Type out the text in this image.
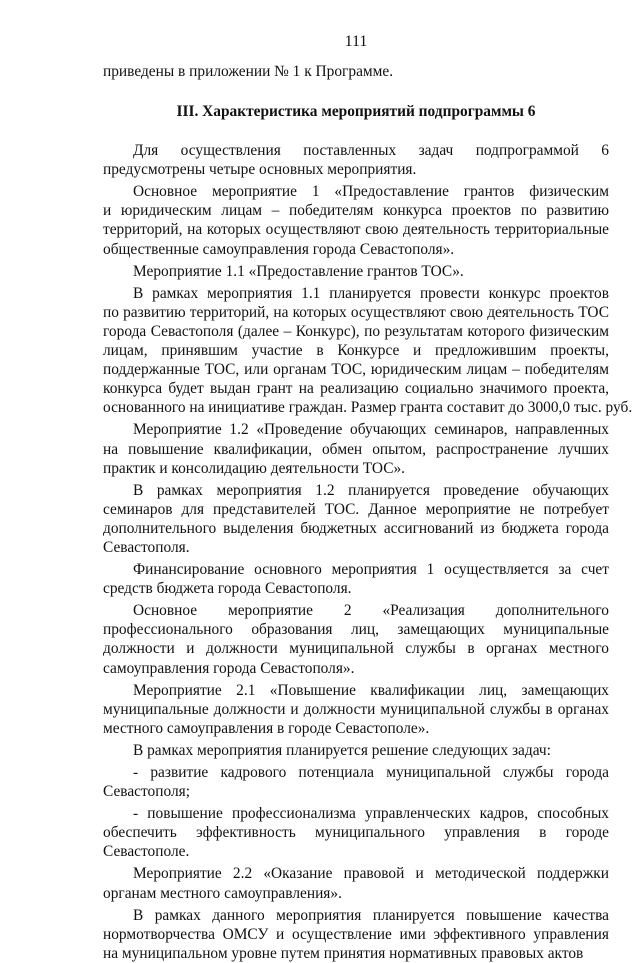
111
приведены в приложении № 1 к Программе.
III. Характеристика мероприятий подпрограммы 6
Для осуществления поставленных задач подпрограммой 6
предусмотрены четыре основных мероприятия.
Основное мероприятие 1 «Предоставление грантов физическим
и юридическим лицам – победителям конкурса проектов по развитию
территорий, на которых осуществляют свою деятельность территориальные
общественные самоуправления города Севастополя».
Мероприятие 1.1 «Предоставление грантов ТОС».
В рамках мероприятия 1.1 планируется провести конкурс проектов
по развитию территорий, на которых осуществляют свою деятельность ТОС
города Севастополя (далее – Конкурс), по результатам которого физическим
лицам, принявшим участие в Конкурсе и предложившим проекты,
поддержанные ТОС, или органам ТОС, юридическим лицам – победителям
конкурса будет выдан грант на реализацию социально значимого проекта,
основанного на инициативе граждан. Размер гранта составит до 3000,0 тыс. руб.
Мероприятие 1.2 «Проведение обучающих семинаров, направленных
на повышение квалификации, обмен опытом, распространение лучших
практик и консолидацию деятельности ТОС».
В рамках мероприятия 1.2 планируется проведение обучающих
семинаров для представителей ТОС. Данное мероприятие не потребует
дополнительного выделения бюджетных ассигнований из бюджета города
Севастополя.
Финансирование основного мероприятия 1 осуществляется за счет
средств бюджета города Севастополя.
Основное мероприятие 2 «Реализация дополнительного
профессионального образования лиц, замещающих муниципальные
должности и должности муниципальной службы в органах местного
самоуправления города Севастополя».
Мероприятие 2.1 «Повышение квалификации лиц, замещающих
муниципальные должности и должности муниципальной службы в органах
местного самоуправления в городе Севастополе».
В рамках мероприятия планируется решение следующих задач:
- развитие кадрового потенциала муниципальной службы города
Севастополя;
- повышение профессионализма управленческих кадров, способных
обеспечить эффективность муниципального управления в городе
Севастополе.
Мероприятие 2.2 «Оказание правовой и методической поддержки
органам местного самоуправления».
В рамках данного мероприятия планируется повышение качества
нормотворчества ОМСУ и осуществление ими эффективного управления
на муниципальном уровне путем принятия нормативных правовых актов
